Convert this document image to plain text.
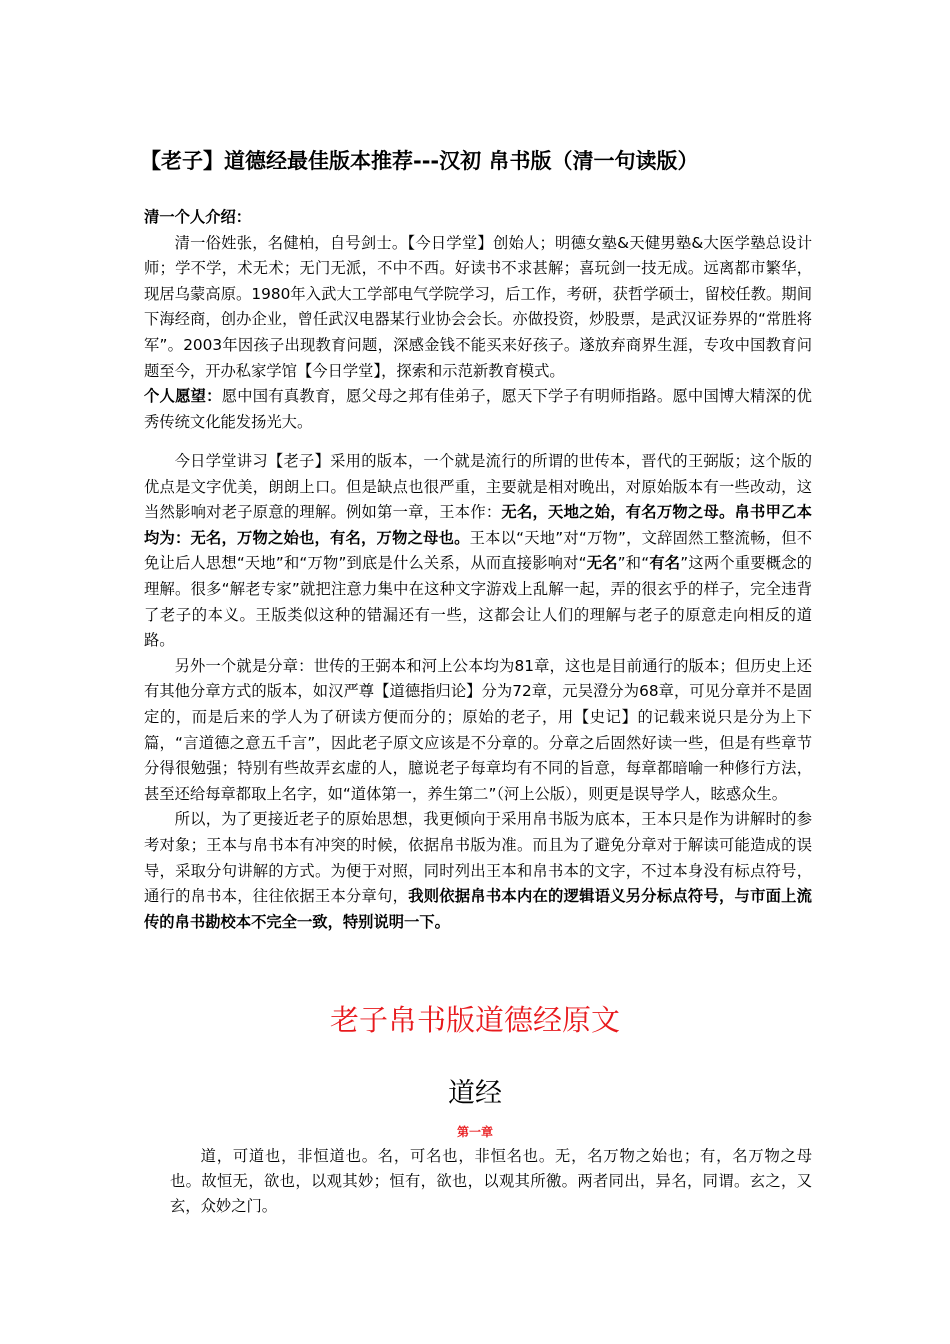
【老子】道德经最佳版本推荐---汉初 帛书版（清一句读版）

清一个人介绍：

清一俗姓张，名健柏，自号剑士。【今日学堂】创始人；明德女塾&天健男塾&大医学塾总设计师；学不学，术无术；无门无派，不中不西。好读书不求甚解；喜玩剑一技无成。远离都市繁华，现居乌蒙高原。1980年入武大工学部电气学院学习，后工作，考研，获哲学硕士，留校任教。期间下海经商，创办企业，曾任武汉电器某行业协会会长。亦做投资，炒股票，是武汉证券界的“常胜将军”。2003年因孩子出现教育问题，深感金钱不能买来好孩子。遂放弃商界生涯，专攻中国教育问题至今，开办私家学馆【今日学堂】，探索和示范新教育模式。

个人愿望：愿中国有真教育，愿父母之邦有佳弟子，愿天下学子有明师指路。愿中国博大精深的优秀传统文化能发扬光大。

今日学堂讲习【老子】采用的版本，一个就是流行的所谓的世传本，晋代的王弼版；这个版的优点是文字优美，朗朗上口。但是缺点也很严重，主要就是相对晚出，对原始版本有一些改动，这当然影响对老子原意的理解。例如第一章，王本作：无名，天地之始，有名万物之母。帛书甲乙本均为：无名，万物之始也，有名，万物之母也。王本以“天地”对“万物”，文辞固然工整流畅，但不免让后人思想“天地”和“万物”到底是什么关系，从而直接影响对“无名”和“有名”这两个重要概念的理解。很多“解老专家”就把注意力集中在这种文字游戏上乱解一起，弄的很玄乎的样子，完全违背了老子的本义。王版类似这种的错漏还有一些，这都会让人们的理解与老子的原意走向相反的道路。

另外一个就是分章：世传的王弼本和河上公本均为81章，这也是目前通行的版本；但历史上还有其他分章方式的版本，如汉严尊【道德指归论】分为72章，元吴澄分为68章，可见分章并不是固定的，而是后来的学人为了研读方便而分的；原始的老子，用【史记】的记载来说只是分为上下篇，“言道德之意五千言”，因此老子原文应该是不分章的。分章之后固然好读一些，但是有些章节分得很勉强；特别有些故弄玄虚的人，臆说老子每章均有不同的旨意，每章都暗喻一种修行方法，甚至还给每章都取上名字，如“道体第一，养生第二”（河上公版），则更是误导学人，眩惑众生。

所以，为了更接近老子的原始思想，我更倾向于采用帛书版为底本，王本只是作为讲解时的参考对象；王本与帛书本有冲突的时候，依据帛书版为准。而且为了避免分章对于解读可能造成的误导，采取分句讲解的方式。为便于对照，同时列出王本和帛书本的文字，不过本身没有标点符号，通行的帛书本，往往依据王本分章句，我则依据帛书本内在的逻辑语义另分标点符号，与市面上流传的帛书勘校本不完全一致，特别说明一下。

老子帛书版道德经原文
道经
第一章

道，可道也，非恒道也。名，可名也，非恒名也。无，名万物之始也；有，名万物之母也。故恒无，欲也，以观其妙；恒有，欲也，以观其所徼。两者同出，异名，同谓。玄之，又玄，众妙之门。
